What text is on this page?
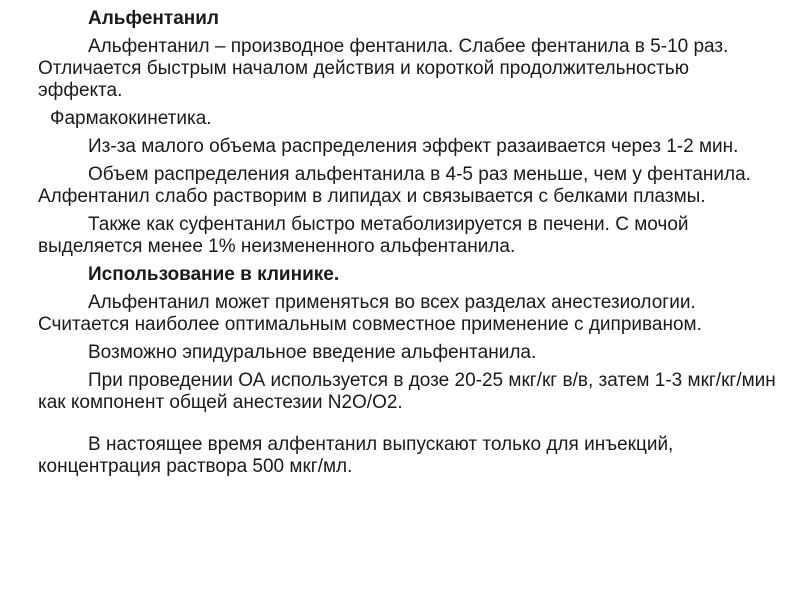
Альфентанил

Альфентанил – производное фентанила. Слабее фентанила в 5-10 раз. Отличается быстрым началом действия и короткой продолжительностью эффекта.

Фармакокинетика.

Из-за малого объема распределения эффект разаивается через 1-2 мин.

Объем распределения альфентанила в 4-5 раз меньше, чем у фентанила. Алфентанил слабо растворим в липидах и связывается с белками плазмы.

Также как суфентанил быстро метаболизируется в печени. С мочой выделяется менее 1% неизмененного альфентанила.

Использование в клинике.

Альфентанил может применяться во всех разделах анестезиологии. Считается наиболее оптимальным совместное применение с диприваном.

Возможно эпидуральное введение альфентанила.

При проведении ОА используется в дозе 20-25 мкг/кг в/в, затем 1-3 мкг/кг/мин как компонент общей анестезии N2O/O2.

В настоящее время алфентанил выпускают только для инъекций, концентрация раствора 500 мкг/мл.
